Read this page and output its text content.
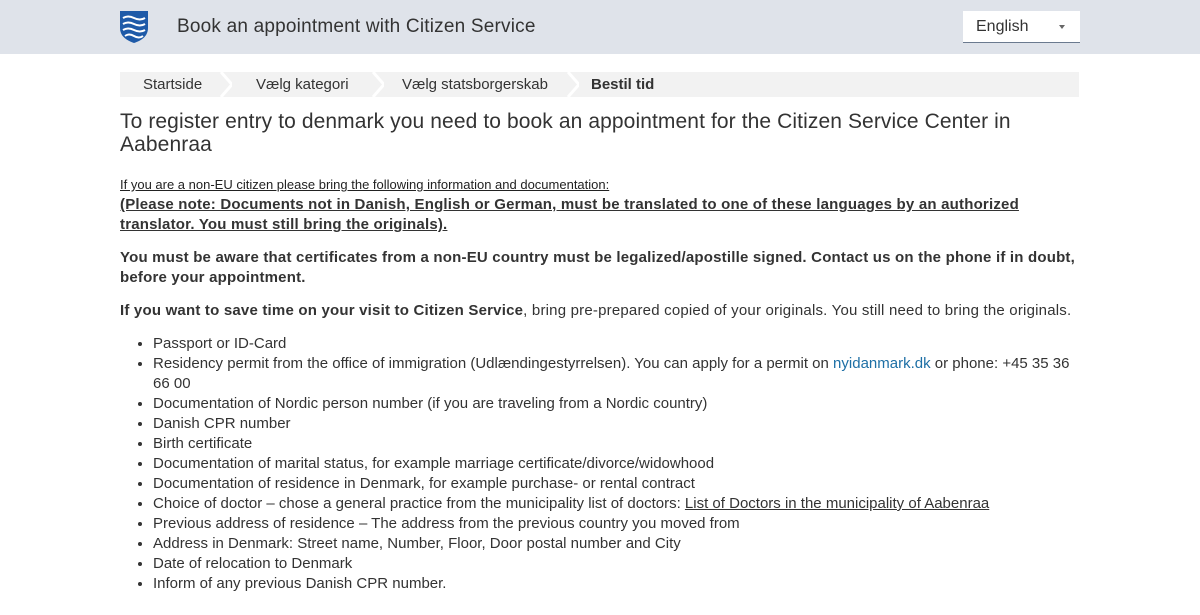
Book an appointment with Citizen Service	English
Startside	Vælg kategori	Vælg statsborgerskab	Bestil tid
To register entry to denmark you need to book an appointment for the Citizen Service Center in Aabenraa
If you are a non-EU citizen please bring the following information and documentation:
(Please note: Documents not in Danish, English or German, must be translated to one of these languages by an authorized translator. You must still bring the originals).
You must be aware that certificates from a non-EU country must be legalized/apostille signed. Contact us on the phone if in doubt, before your appointment.
If you want to save time on your visit to Citizen Service, bring pre-prepared copied of your originals. You still need to bring the originals.
• Passport or ID-Card
• Residency permit from the office of immigration (Udlændingestyrrelsen). You can apply for a permit on nyidanmark.dk or phone: +45 35 36 66 00
• Documentation of Nordic person number (if you are traveling from a Nordic country)
• Danish CPR number
• Birth certificate
• Documentation of marital status, for example marriage certificate/divorce/widowhood
• Documentation of residence in Denmark, for example purchase- or rental contract
• Choice of doctor – chose a general practice from the municipality list of doctors: List of Doctors in the municipality of Aabenraa
• Previous address of residence – The address from the previous country you moved from
• Address in Denmark: Street name, Number, Floor, Door postal number and City
• Date of relocation to Denmark
• Inform of any previous Danish CPR number.
